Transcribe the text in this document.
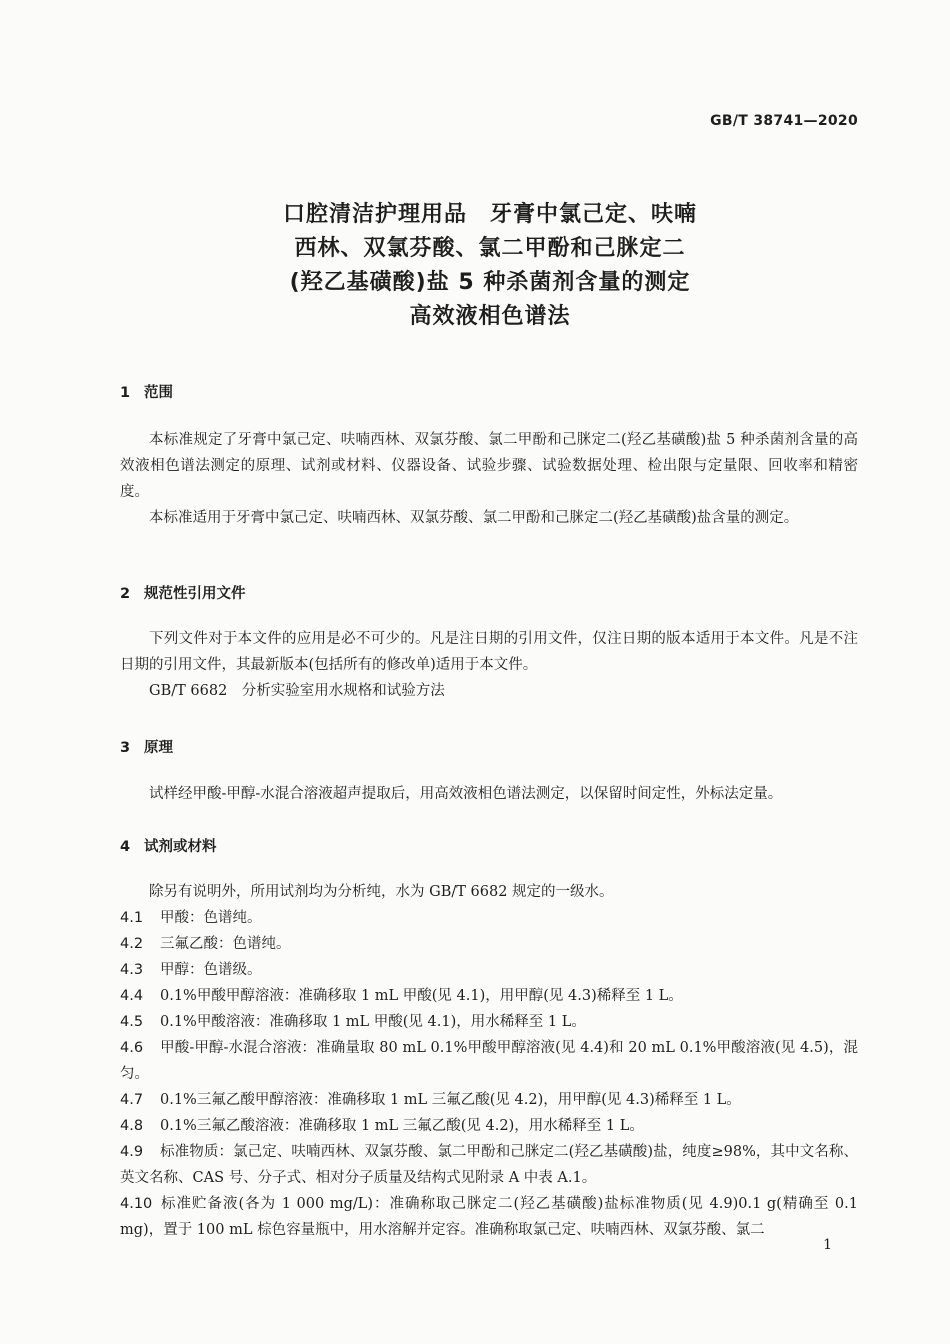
GB/T 38741—2020
口腔清洁护理用品　牙膏中氯己定、呋喃
西林、双氯芬酸、氯二甲酚和己脒定二
(羟乙基磺酸)盐 5 种杀菌剂含量的测定
高效液相色谱法
1 范围

本标准规定了牙膏中氯己定、呋喃西林、双氯芬酸、氯二甲酚和己脒定二(羟乙基磺酸)盐 5 种杀菌剂含量的高效液相色谱法测定的原理、试剂或材料、仪器设备、试验步骤、试验数据处理、检出限与定量限、回收率和精密度。

本标准适用于牙膏中氯己定、呋喃西林、双氯芬酸、氯二甲酚和己脒定二(羟乙基磺酸)盐含量的测定。

2 规范性引用文件

下列文件对于本文件的应用是必不可少的。凡是注日期的引用文件，仅注日期的版本适用于本文件。凡是不注日期的引用文件，其最新版本(包括所有的修改单)适用于本文件。

GB/T 6682　分析实验室用水规格和试验方法

3 原理

试样经甲酸-甲醇-水混合溶液超声提取后，用高效液相色谱法测定，以保留时间定性，外标法定量。

4 试剂或材料

除另有说明外，所用试剂均为分析纯，水为 GB/T 6682 规定的一级水。

4.1 甲酸：色谱纯。

4.2 三氟乙酸：色谱纯。

4.3 甲醇：色谱级。

4.4 0.1%甲酸甲醇溶液：准确移取 1 mL 甲酸(见 4.1)，用甲醇(见 4.3)稀释至 1 L。

4.5 0.1%甲酸溶液：准确移取 1 mL 甲酸(见 4.1)，用水稀释至 1 L。

4.6 甲酸-甲醇-水混合溶液：准确量取 80 mL 0.1%甲酸甲醇溶液(见 4.4)和 20 mL 0.1%甲酸溶液(见 4.5)，混匀。

4.7 0.1%三氟乙酸甲醇溶液：准确移取 1 mL 三氟乙酸(见 4.2)，用甲醇(见 4.3)稀释至 1 L。

4.8 0.1%三氟乙酸溶液：准确移取 1 mL 三氟乙酸(见 4.2)，用水稀释至 1 L。

4.9 标准物质：氯己定、呋喃西林、双氯芬酸、氯二甲酚和己脒定二(羟乙基磺酸)盐，纯度≥98%，其中文名称、英文名称、CAS 号、分子式、相对分子质量及结构式见附录 A 中表 A.1。

4.10 标准贮备液(各为 1 000 mg/L)：准确称取己脒定二(羟乙基磺酸)盐标准物质(见 4.9)0.1 g(精确至 0.1 mg)，置于 100 mL 棕色容量瓶中，用水溶解并定容。准确称取氯己定、呋喃西林、双氯芬酸、氯二

1
